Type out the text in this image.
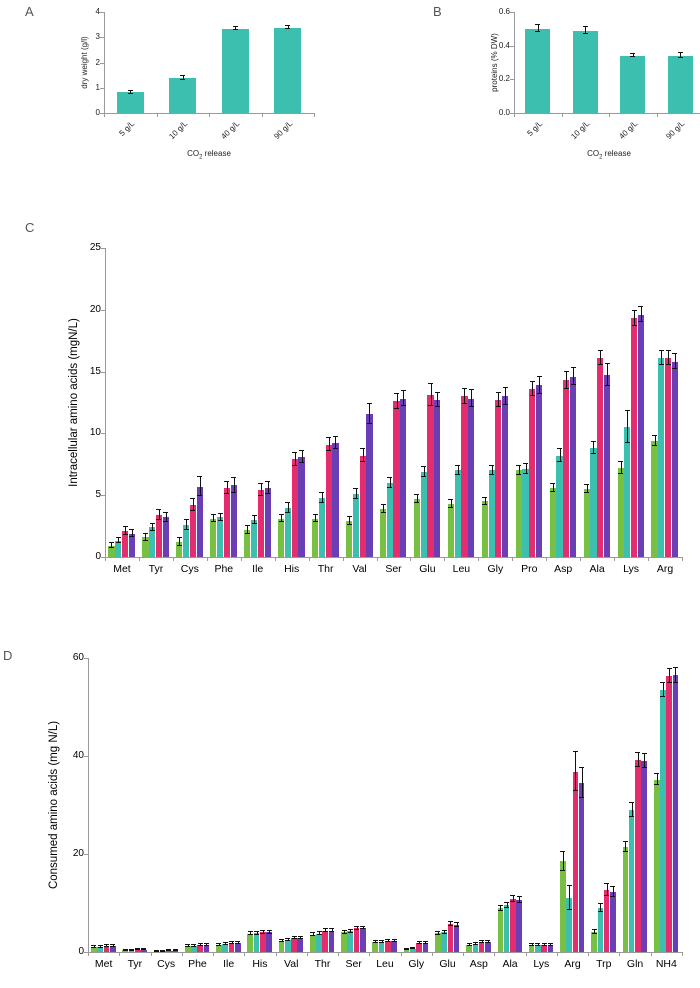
A	B
C
D
0
1
2
3
4
dry weight (g/l)
5 g/L	10 g/L	40 g/L	90 g/L
$CO_2$ release
0.0
0.2
0.4
0.6
proteins (% DW)
5 g/L	10 g/L	40 g/L	90 g/L
$CO_2$ release
0
5
10
15
20
25
Intracellular amino acids (mgN/L)
Met	Tyr	Cys	Phe	Ile	His	Thr	Val	Ser	Glu	Leu	Gly	Pro	Asp	Ala	Lys	Arg
0
20
40
60
Consumed amino acids (mg N/L)
Met	Tyr	Cys	Phe	Ile	His	Val	Thr	Ser	Leu	Gly	Glu	Asp	Ala	Lys	Arg	Trp	Gln	NH4
